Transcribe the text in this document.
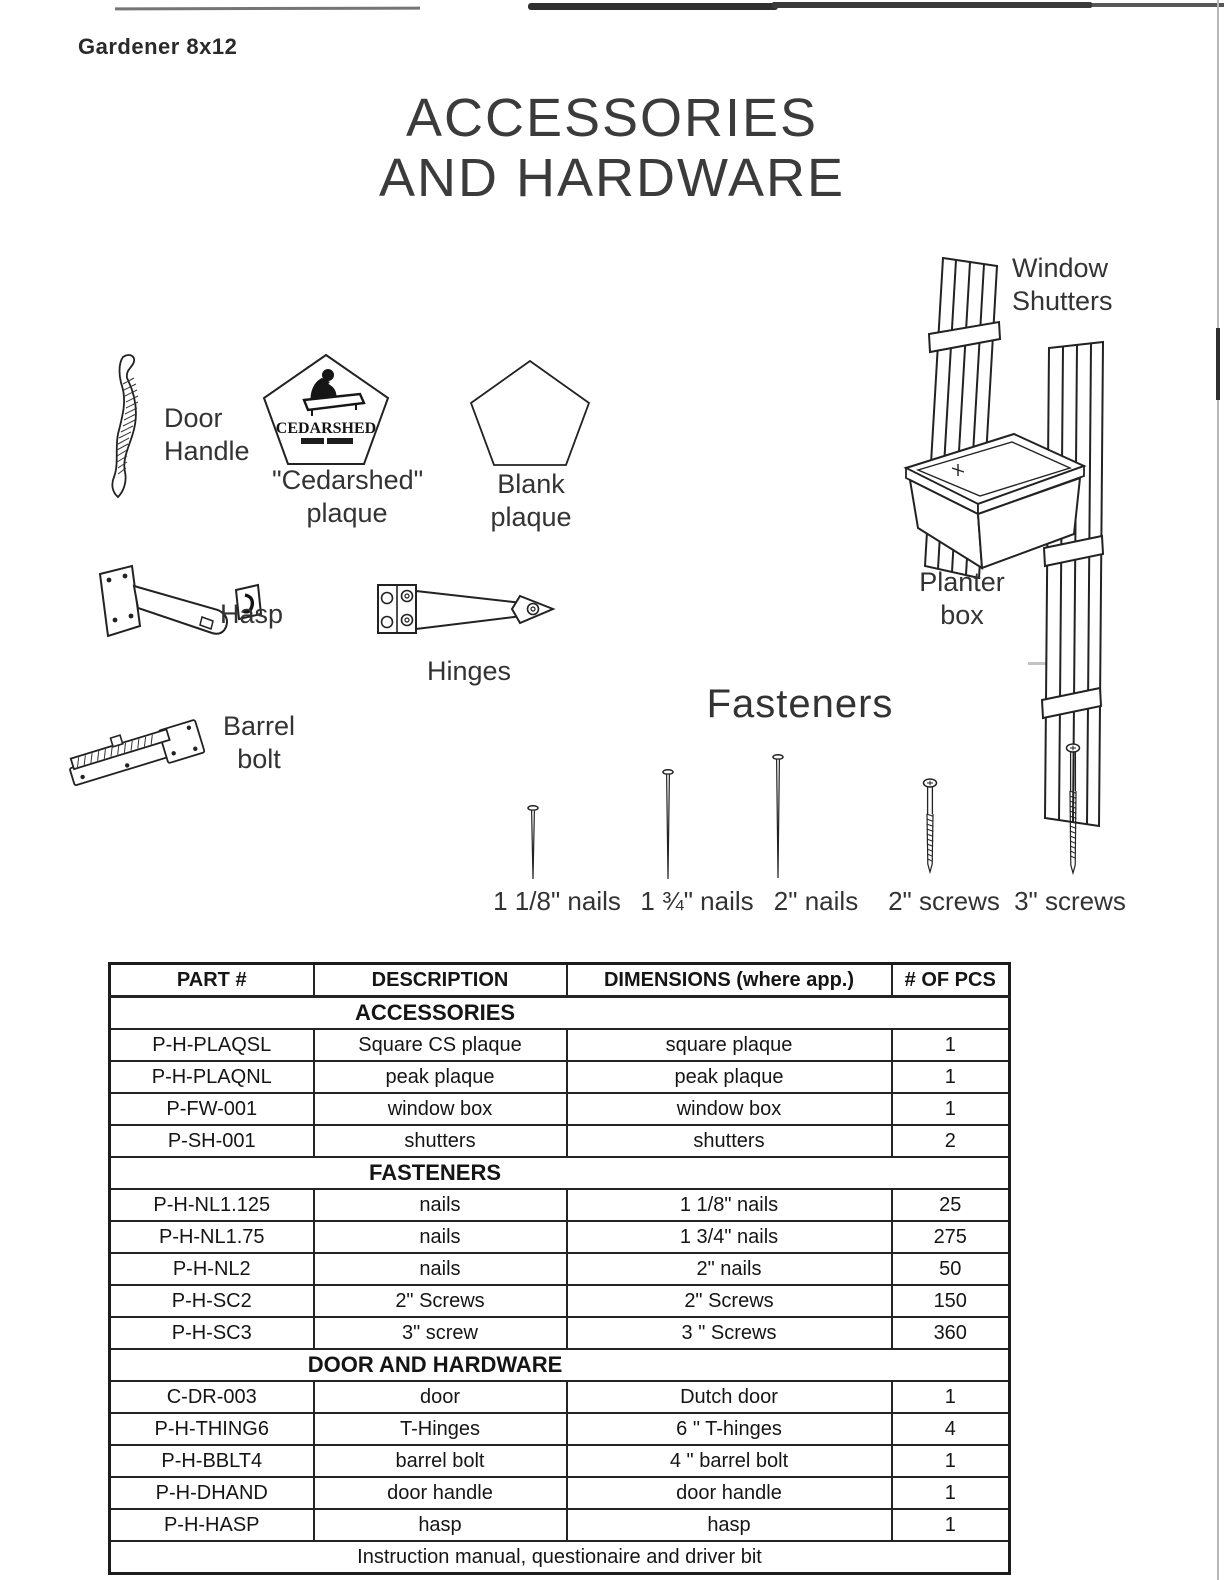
Gardener 8x12
ACCESSORIES
AND HARDWARE
Door Handle
CEDARSHED
"Cedarshed" plaque
Blank plaque
Window Shutters
Planter box
Hasp
Hinges
Barrel bolt
Fasteners
1 1/8" nails 1 ¾" nails 2" nails 2" screws 3" screws
PART #	DESCRIPTION	DIMENSIONS (where app.)	# OF PCS

ACCESSORIES			

P-H-PLAQSL	Square CS plaque	square plaque	1
P-H-PLAQNL	peak plaque	peak plaque	1
P-FW-001	window box	window box	1
P-SH-001	shutters	shutters	2

FASTENERS			

P-H-NL1.125	nails	1 1/8" nails	25
P-H-NL1.75	nails	1 3/4" nails	275
P-H-NL2	nails	2" nails	50
P-H-SC2	2" Screws	2" Screws	150
P-H-SC3	3" screw	3 " Screws	360

DOOR AND HARDWARE			

C-DR-003	door	Dutch door	1
P-H-THING6	T-Hinges	6 " T-hinges	4
P-H-BBLT4	barrel bolt	4 " barrel bolt	1
P-H-DHAND	door handle	door handle	1
P-H-HASP	hasp	hasp	1
Instruction manual, questionaire and driver bit			
